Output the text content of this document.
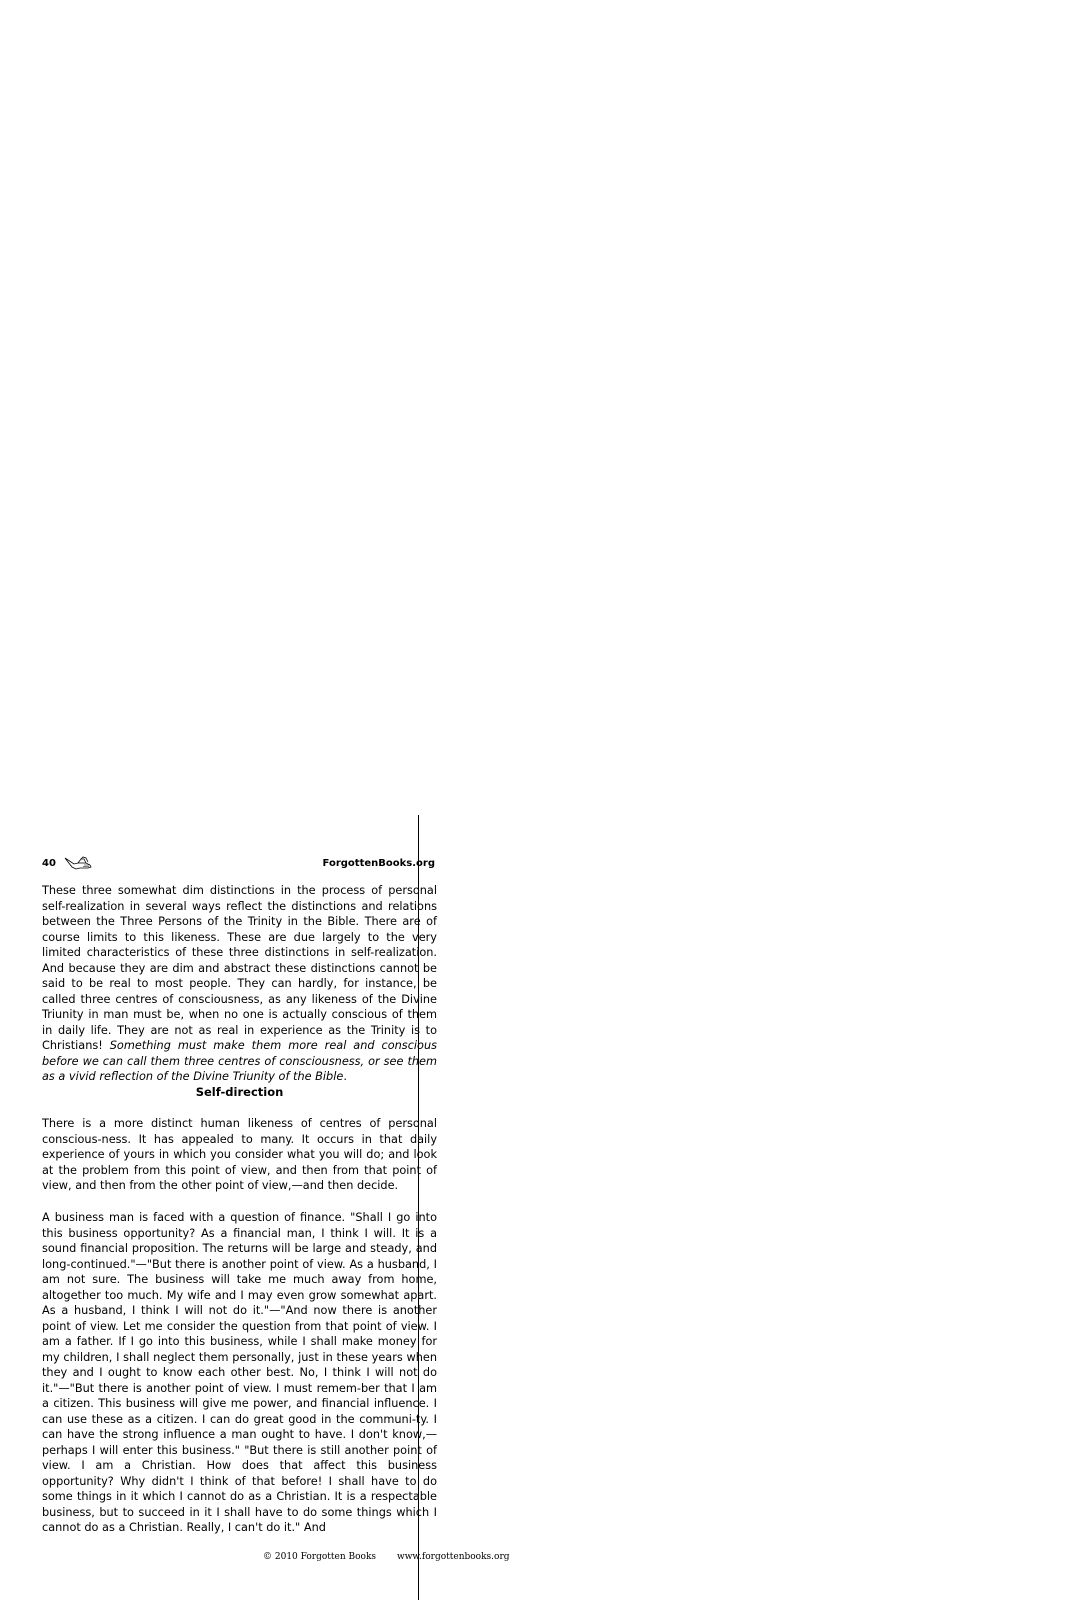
40	ForgottenBooks.org
These three somewhat dim distinctions in the process of personal self-realization in several ways reflect the distinctions and relations between the Three Persons of the Trinity in the Bible. There are of course limits to this likeness. These are due largely to the very limited characteristics of these three distinctions in self-realization. And because they are dim and abstract these distinctions cannot be said to be real to most people. They can hardly, for instance, be called three centres of consciousness, as any likeness of the Divine Triunity in man must be, when no one is actually conscious of them in daily life. They are not as real in experience as the Trinity is to Christians! Something must make them more real and conscious before we can call them three centres of consciousness, or see them as a vivid reflection of the Divine Triunity of the Bible.
Self-direction
There is a more distinct human likeness of centres of personal conscious-ness. It has appealed to many. It occurs in that daily experience of yours in which you consider what you will do; and look at the problem from this point of view, and then from that point of view, and then from the other point of view,—and then decide.
A business man is faced with a question of finance. "Shall I go into this business opportunity? As a financial man, I think I will. It is a sound financial proposition. The returns will be large and steady, and long-continued."—"But there is another point of view. As a husband, I am not sure. The business will take me much away from home, altogether too much. My wife and I may even grow somewhat apart. As a husband, I think I will not do it."—"And now there is another point of view. Let me consider the question from that point of view. I am a father. If I go into this business, while I shall make money for my children, I shall neglect them personally, just in these years when they and I ought to know each other best. No, I think I will not do it."—"But there is another point of view. I must remem-ber that I am a citizen. This business will give me power, and financial influence. I can use these as a citizen. I can do great good in the communi-ty. I can have the strong influence a man ought to have. I don't know,—perhaps I will enter this business." "But there is still another point of view. I am a Christian. How does that affect this business opportunity? Why didn't I think of that before! I shall have to do some things in it which I cannot do as a Christian. It is a respectable business, but to succeed in it I shall have to do some things which I cannot do as a Christian. Really, I can't do it." And
© 2010 Forgotten Books www.forgottenbooks.org
